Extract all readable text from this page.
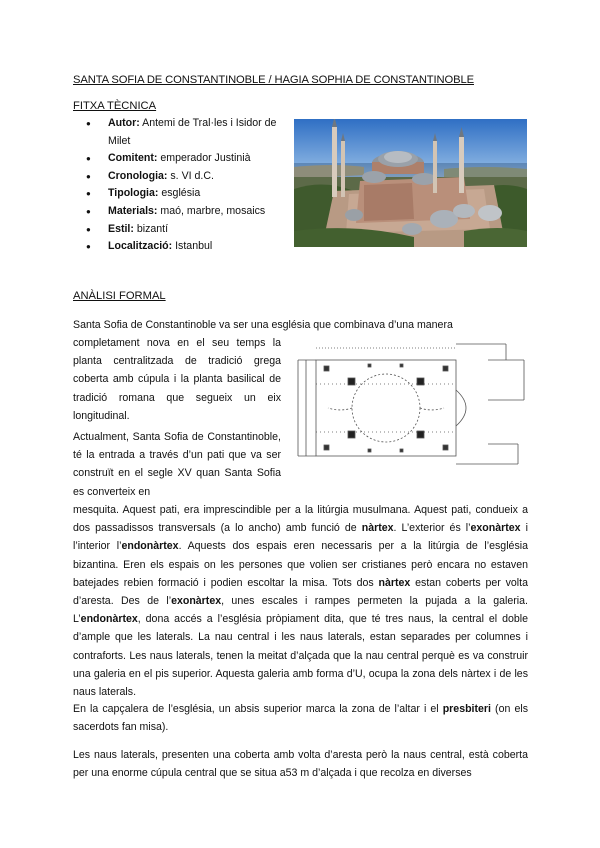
SANTA SOFIA DE CONSTANTINOBLE / HAGIA SOPHIA DE CONSTANTINOBLE
FITXA TÈCNICA
● Autor: Antemi de Tral·les i Isidor de Milet
● Comitent: emperador Justinià
● Cronologia: s. VI d.C.
● Tipologia: església
● Materials: maó, marbre, mosaics
● Estil: bizantí
● Localització: Istanbul
ANÀLISI FORMAL

Santa Sofia de Constantinoble va ser una església que combinava d’una manera

completament nova en el seu temps la planta centralitzada de tradició grega coberta amb cúpula i la planta basilical de tradició romana que segueix un eix longitudinal.

Actualment, Santa Sofia de Constantinoble, té la entrada a través d’un pati que va ser construït en el segle XV quan Santa Sofia es converteix en

mesquita. Aquest pati, era imprescindible per a la litúrgia musulmana. Aquest pati, condueix a dos passadissos transversals (a lo ancho) amb funció de nàrtex. L’exterior és l’exonàrtex i l’interior l’endonàrtex. Aquests dos espais eren necessaris per a la litúrgia de l’església bizantina. Eren els espais on les persones que volien ser cristianes però encara no estaven batejades rebien formació i podien escoltar la misa. Tots dos nàrtex estan coberts per volta d’aresta. Des de l’exonàrtex, unes escales i rampes permeten la pujada a la galeria. L’endonàrtex, dona accés a l’església pròpiament dita, que té tres naus, la central el doble d’ample que les laterals. La nau central i les naus laterals, estan separades per columnes i contraforts. Les naus laterals, tenen la meitat d’alçada que la nau central perquè es va construir una galeria en el pis superior. Aquesta galeria amb forma d’U, ocupa la zona dels nàrtex i de les naus laterals.

En la capçalera de l’església, un absis superior marca la zona de l’altar i el presbiteri (on els sacerdots fan misa).

Les naus laterals, presenten una coberta amb volta d’aresta però la naus central, està coberta per una enorme cúpula central que se situa a53 m d’alçada i que recolza en diverses
